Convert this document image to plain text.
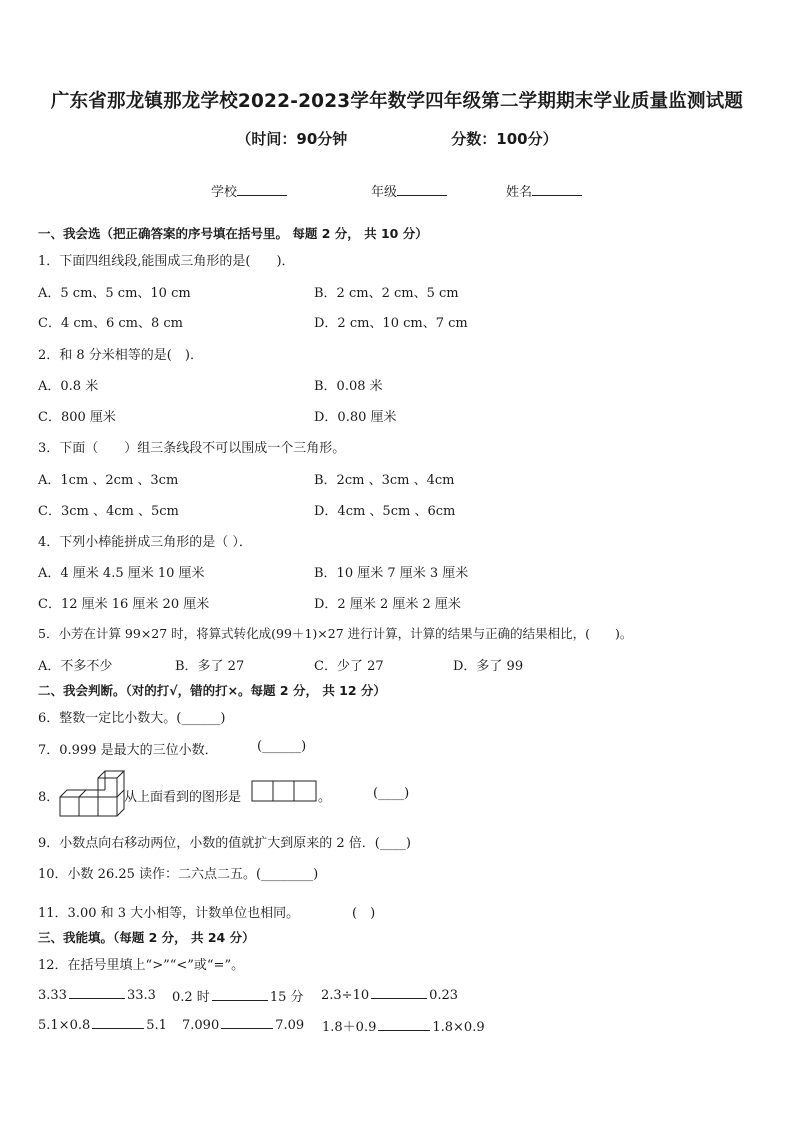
广东省那龙镇那龙学校2022-2023学年数学四年级第二学期期末学业质量监测试题
（时间：90分钟	分数：100分）
学校	年级	姓名
一、我会选（把正确答案的序号填在括号里。 每题 2 分， 共 10 分）
1．下面四组线段,能围成三角形的是(　　)．
A．5 cm、5 cm、10 cm	B．2 cm、2 cm、5 cm
C．4 cm、6 cm、8 cm	D．2 cm、10 cm、7 cm
2．和 8 分米相等的是(　)．
A．0.8 米	B．0.08 米
C．800 厘米	D．0.80 厘米
3．下面（　　）组三条线段不可以围成一个三角形。
A．1cm 、2cm 、3cm	B．2cm 、3cm 、4cm
C．3cm 、4cm 、5cm	D．4cm 、5cm 、6cm
4．下列小棒能拼成三角形的是（ ）．
A．4 厘米 4.5 厘米 10 厘米	B．10 厘米 7 厘米 3 厘米
C．12 厘米 16 厘米 20 厘米	D．2 厘米 2 厘米 2 厘米
5．小芳在计算 99×27 时，将算式转化成(99＋1)×27 进行计算，计算的结果与正确的结果相比，(　　)。
A．不多不少	B．多了 27	C．少了 27	D．多了 99
二、我会判断。（对的打√，错的打×。每题 2 分， 共 12 分）
6．整数一定比小数大。(______)
7．0.999 是最大的三位小数．	(______)
8．	从上面看到的图形是	。	(____)
9．小数点向右移动两位，小数的值就扩大到原来的 2 倍．(____)
10．小数 26.25 读作：二六点二五。(________)
11．3.00 和 3 大小相等，计数单位也相同。	(　)
三、我能填。（每题 2 分， 共 24 分）
12．在括号里填上“>”“<”或“=”。
3.33	33.3 0.2 时	15 分 2.3÷10	0.23
5.1×0.8	5.1 7.090	7.09 1.8＋0.9	1.8×0.9
